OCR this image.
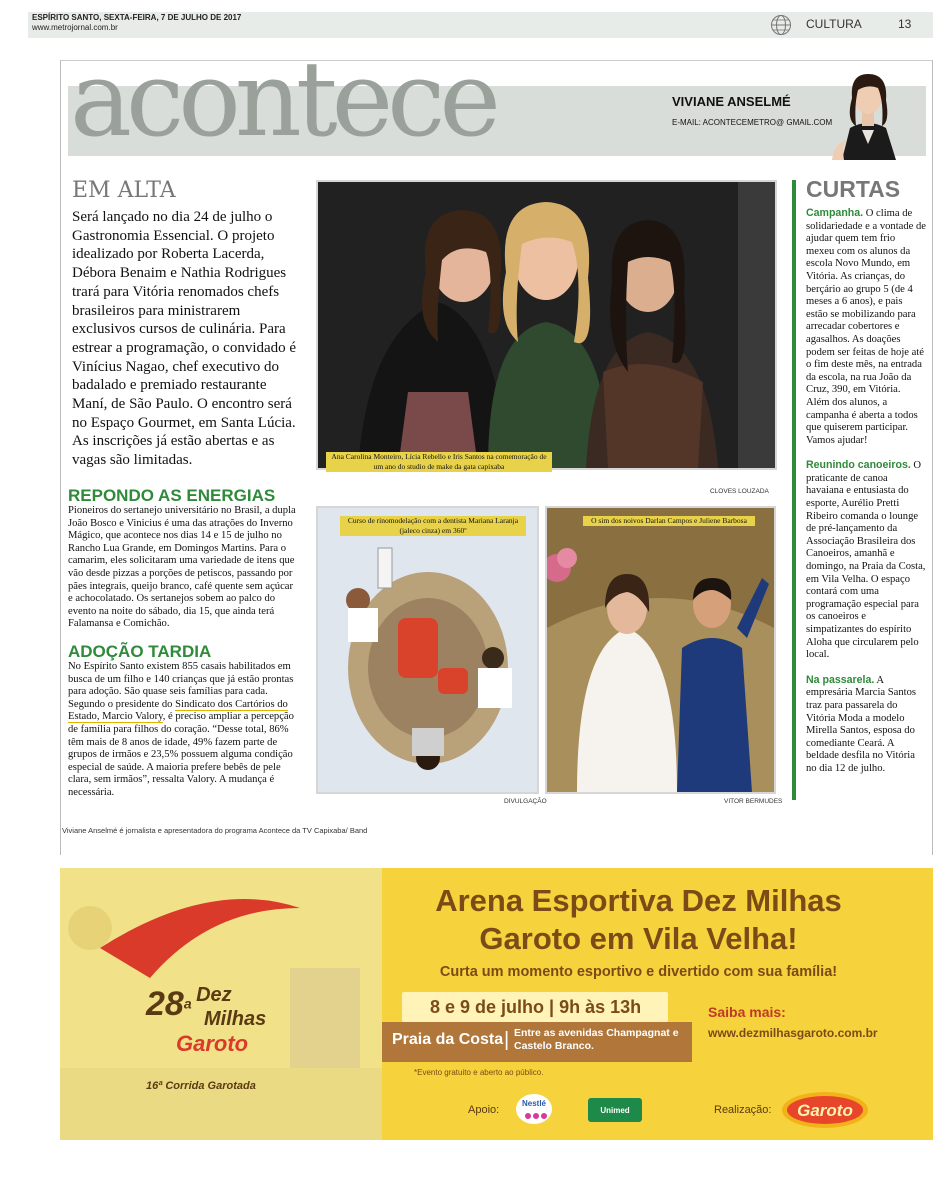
ESPÍRITO SANTO, SEXTA-FEIRA, 7 DE JULHO DE 2017
www.metrojornal.com.br	CULTURA	13
acontece	VIVIANE ANSELMÉ
E-MAIL: ACONTECEMETRO@ GMAIL.COM
EM ALTA
Será lançado no dia 24 de julho o Gastronomia Essencial. O projeto idealizado por Roberta Lacerda, Débora Benaim e Nathia Rodrigues trará para Vitória renomados chefs brasileiros para ministrarem exclusivos cursos de culinária. Para estrear a programação, o convidado é Vinícius Nagao, chef executivo do badalado e premiado restaurante Maní, de São Paulo. O encontro será no Espaço Gourmet, em Santa Lúcia. As inscrições já estão abertas e as vagas são limitadas.
REPONDO AS ENERGIAS
Pioneiros do sertanejo universitário no Brasil, a dupla João Bosco e Vinicius é uma das atrações do Inverno Mágico, que acontece nos dias 14 e 15 de julho no Rancho Lua Grande, em Domingos Martins. Para o camarim, eles solicitaram uma variedade de itens que vão desde pizzas a porções de petiscos, passando por pães integrais, queijo branco, café quente sem açúcar e achocolatado. Os sertanejos sobem ao palco do evento na noite do sábado, dia 15, que ainda terá Falamansa e Comichão.
ADOÇÃO TARDIA
No Espírito Santo existem 855 casais habilitados em busca de um filho e 140 crianças que já estão prontas para adoção. São quase seis famílias para cada. Segundo o presidente do Sindicato dos Cartórios do Estado, Marcio Valory, é preciso ampliar a percepção de família para filhos do coração. “Desse total, 86% têm mais de 8 anos de idade, 49% fazem parte de grupos de irmãos e 23,5% possuem alguma condição especial de saúde. A maioria prefere bebês de pele clara, sem irmãos”, ressalta Valory. A mudança é necessária.
Ana Carolina Monteiro, Lícia Rebello e Iris Santos na comemoração de um ano do studio de make da gata capixaba
CLOVES LOUZADA
Curso de rinomodelação com a dentista Mariana Laranja (jaleco cinza) em 360º
DIVULGAÇÃO
O sim dos noivos Darlan Campos e Juliene Barbosa
VITOR BERMUDES
CURTAS

Campanha. O clima de solidariedade e a vontade de ajudar quem tem frio mexeu com os alunos da escola Novo Mundo, em Vitória. As crianças, do berçário ao grupo 5 (de 4 meses a 6 anos), e pais estão se mobilizando para arrecadar cobertores e agasalhos. As doações podem ser feitas de hoje até o fim deste mês, na entrada da escola, na rua João da Cruz, 390, em Vitória. Além dos alunos, a campanha é aberta a todos que quiserem participar. Vamos ajudar!

Reunindo canoeiros. O praticante de canoa havaiana e entusiasta do esporte, Aurélio Pretti Ribeiro comanda o lounge de pré-lançamento da Associação Brasileira dos Canoeiros, amanhã e domingo, na Praia da Costa, em Vila Velha. O espaço contará com uma programação especial para os canoeiros e simpatizantes do espírito Aloha que circularem pelo local.

Na passarela. A empresária Marcia Santos traz para passarela do Vitória Moda a modelo Mirella Santos, esposa do comediante Ceará. A beldade desfila no Vitória no dia 12 de julho.

Viviane Anselmé é jornalista e apresentadora do programa Acontece da TV Capixaba/ Band
28$^a$ Dez
Milhas
Garoto
16ª Corrida Garotada
Arena Esportiva Dez Milhas
Garoto em Vila Velha!
Curta um momento esportivo e divertido com sua família!
8 e 9 de julho | 9h às 13h
Praia da Costa | Entre as avenidas Champagnat e Castelo Branco.
Saiba mais:
www.dezmilhasgaroto.com.br
*Evento gratuito e aberto ao público.
Apoio:
Nestlé
Unimed	Realização: Garoto
